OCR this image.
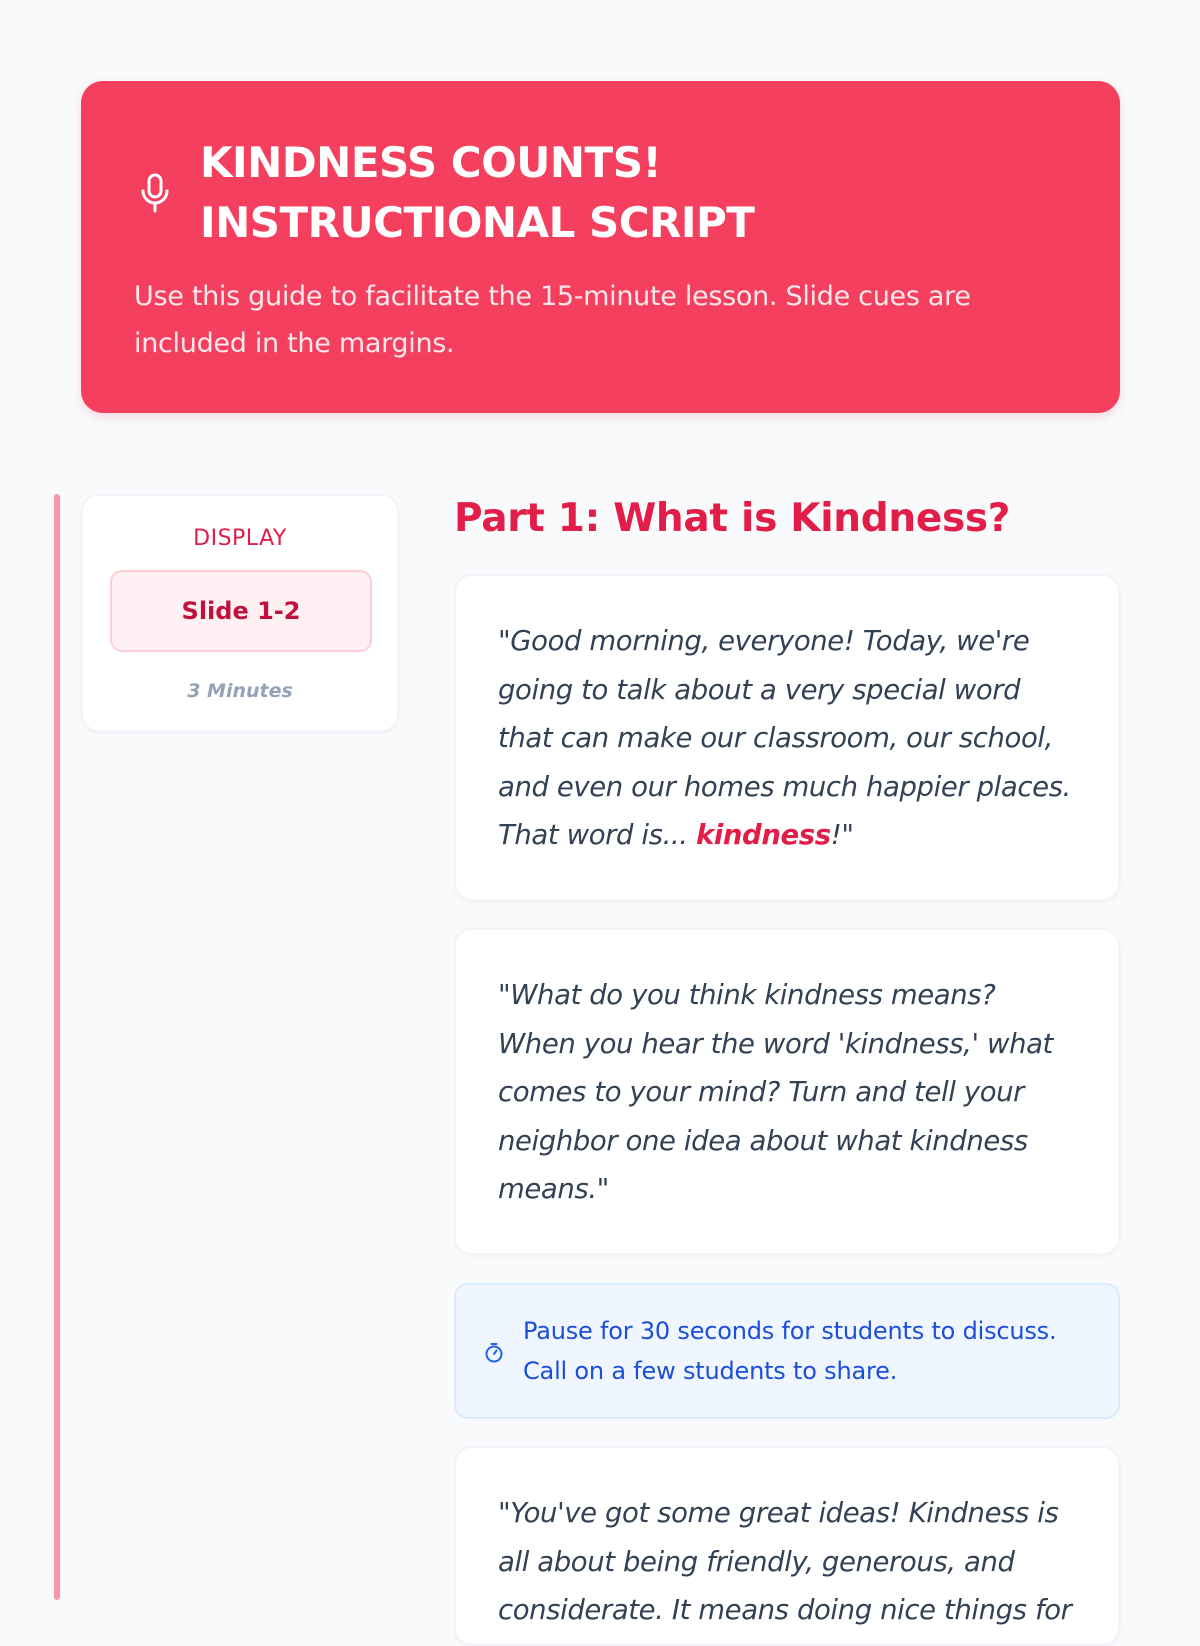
KINDNESS COUNTS! INSTRUCTIONAL SCRIPT

Use this guide to facilitate the 15-minute lesson. Slide cues are included in the margins.

DISPLAY
Slide 1-2
3 Minutes
Part 1: What is Kindness?

"Good morning, everyone! Today, we're going to talk about a very special word that can make our classroom, our school, and even our homes much happier places. That word is... kindness!"

"What do you think kindness means? When you hear the word 'kindness,' what comes to your mind? Turn and tell your neighbor one idea about what kindness means."

Pause for 30 seconds for students to discuss. Call on a few students to share.

"You've got some great ideas! Kindness is all about being friendly, generous, and considerate. It means doing nice things for
